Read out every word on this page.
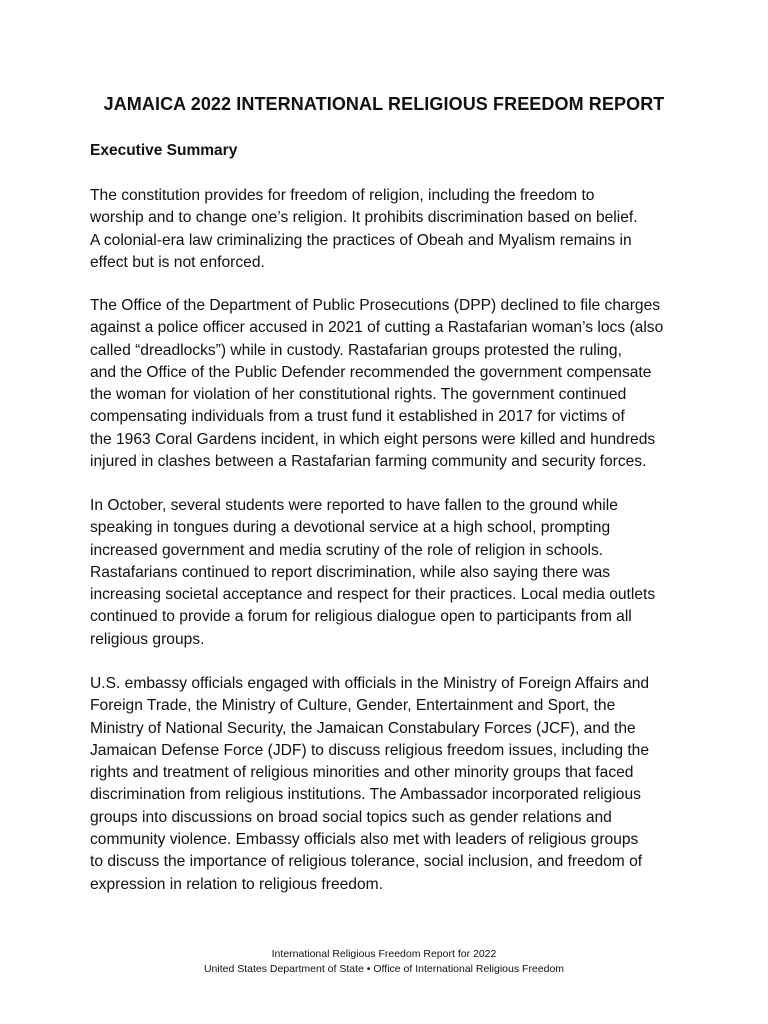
JAMAICA 2022 INTERNATIONAL RELIGIOUS FREEDOM REPORT
Executive Summary

The constitution provides for freedom of religion, including the freedom to
worship and to change one’s religion. It prohibits discrimination based on belief.
A colonial-era law criminalizing the practices of Obeah and Myalism remains in
effect but is not enforced.

The Office of the Department of Public Prosecutions (DPP) declined to file charges
against a police officer accused in 2021 of cutting a Rastafarian woman’s locs (also
called “dreadlocks”) while in custody. Rastafarian groups protested the ruling,
and the Office of the Public Defender recommended the government compensate
the woman for violation of her constitutional rights. The government continued
compensating individuals from a trust fund it established in 2017 for victims of
the 1963 Coral Gardens incident, in which eight persons were killed and hundreds
injured in clashes between a Rastafarian farming community and security forces.

In October, several students were reported to have fallen to the ground while
speaking in tongues during a devotional service at a high school, prompting
increased government and media scrutiny of the role of religion in schools.
Rastafarians continued to report discrimination, while also saying there was
increasing societal acceptance and respect for their practices. Local media outlets
continued to provide a forum for religious dialogue open to participants from all
religious groups.

U.S. embassy officials engaged with officials in the Ministry of Foreign Affairs and
Foreign Trade, the Ministry of Culture, Gender, Entertainment and Sport, the
Ministry of National Security, the Jamaican Constabulary Forces (JCF), and the
Jamaican Defense Force (JDF) to discuss religious freedom issues, including the
rights and treatment of religious minorities and other minority groups that faced
discrimination from religious institutions. The Ambassador incorporated religious
groups into discussions on broad social topics such as gender relations and
community violence. Embassy officials also met with leaders of religious groups
to discuss the importance of religious tolerance, social inclusion, and freedom of
expression in relation to religious freedom.

International Religious Freedom Report for 2022

United States Department of State • Office of International Religious Freedom
